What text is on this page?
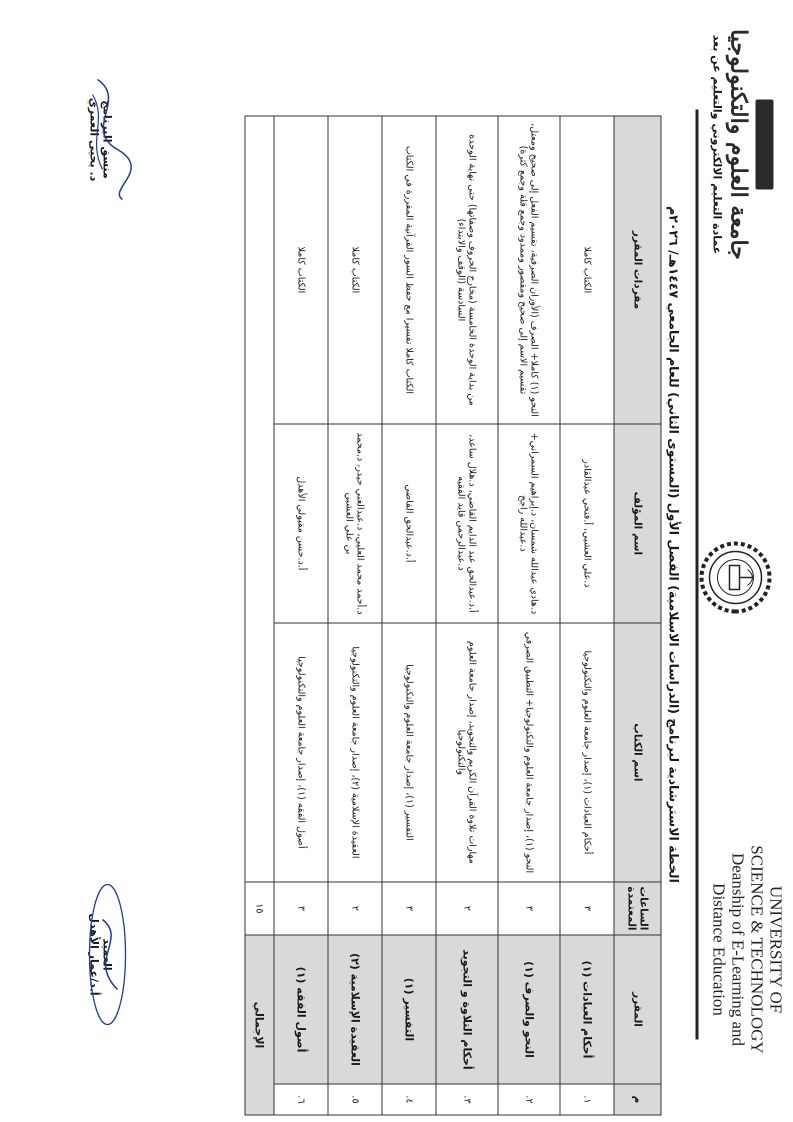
UNIVERSITY OF
SCIENCE & TECHNOLOGY
Deanship of E-Learning and
Distance Education
جامعة العلوم والتكنولوجيا
عمادة التعليم الالكتروني والتعليم عن بعد
الخطة الاسترشادية لبرنامج (الدراسات الاسلامية) الفصل الأول (المستوى الثاني) للعام الجامعي ١٤٤٧هـ/ ٢٠٢٦م
م	المقرر	الساعات المعتمدة	اسم الكتاب	اسم المؤلف	مفردات المقرر
١.	أحكام العبادات (١)	٣	أحكام العبادات (١)، إصدار جامعة العلوم والتكنولوجيا	د.علي العشبي، أ.فتحي عبدالقادر	الكتاب كاملا
٢.	النحو والصرف (١)	٣	النحو (١)، إصدار جامعة العلوم والتكنولوجيا+ التطبيق الصرفي	د.هادي عبدالله شمسان، د.إبراهيم السمراني+ د.عبدالله راجح	النحو (١) كاملا+ الصرف (الأوزان الصرفية، تقسيم الفعل إلى صحيح ومعتل، تقسيم الاسم إلى صحيح ومقصور وممدود وجمع قلة وجمع كثرة)
٣.	أحكام التلاوة و التجويد	٢	مهارات تلاوة القرآن الكريم والتجويد، إصدار جامعة العلوم والتكنولوجيا	أ.د.عبدالحق عبد الدايم القاضي، د.هلال ساعد، د.عبدالرحمن قايد الفقيه	من بداية الوحدة الخامسة (مخارج الحروف وصفاتها) حتى نهاية الوحدة السادسة (الوقف والابتداء)
٤.	التفسير (١)	٣	التفسير (١)، إصدار جامعة العلوم والتكنولوجيا	أ.د.عبدالحق القاضي	الكتاب كاملا تفسيرا مع حفظ السور القرآنية المقررة في الكتاب
٥.	العقيدة الإسلامية (٢)	٢	العقيدة الإسلامية (٢)، إصدار جامعة العلوم والتكنولوجيا	د.أحمد محمد العليي، د.عبدالغني حيدر، د.محمد بن علي العشبي	الكتاب كاملا
٦.	أصول الفقه (١)	٣	أصول الفقه (١)، إصدار جامعة العلوم والتكنولوجيا	أ.د.حسن مقبولي الأهدل	الكتاب كاملا
الإجمالي		١٥			
منسق البرنامج
د. يحيى العمري
العميد
أ.د/عمار الأهدل
